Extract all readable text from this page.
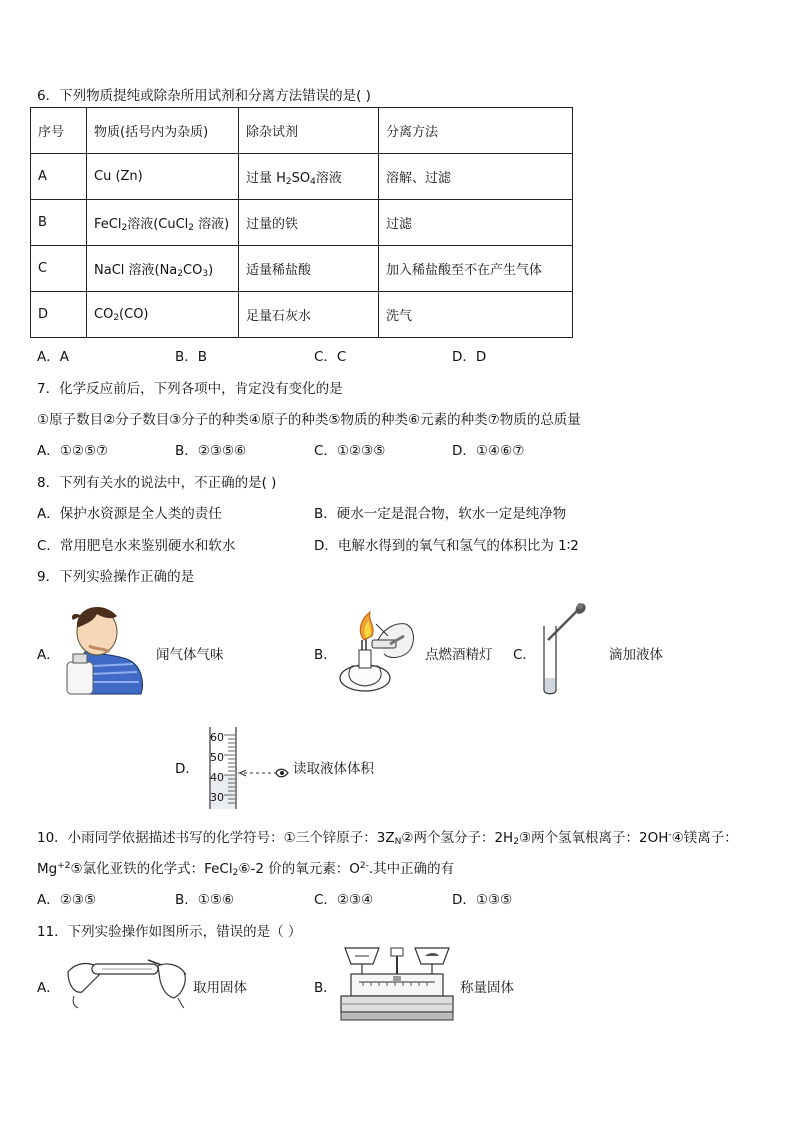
6．下列物质提纯或除杂所用试剂和分离方法错误的是( )
序号	物质(括号内为杂质)	除杂试剂	分离方法
A	Cu (Zn)	过量 $H_2SO_4$溶液	溶解、过滤
B	FeCl$_2$溶液(CuCl$_2$ 溶液)	过量的铁	过滤
C	NaCl 溶液$(Na_2CO_3)$	适量稀盐酸	加入稀盐酸至不在产生气体
D	$CO_2(CO)$	足量石灰水	洗气
A．A	B．B	C．C	D．D
7．化学反应前后，下列各项中，肯定没有变化的是
①原子数目②分子数目③分子的种类④原子的种类⑤物质的种类⑥元素的种类⑦物质的总质量
A．①②⑤⑦	B．②③⑤⑥	C．①②③⑤	D．①④⑥⑦
8．下列有关水的说法中，不正确的是( )
A．保护水资源是全人类的责任	B．硬水一定是混合物，软水一定是纯净物
C．常用肥皂水来鉴别硬水和软水	D．电解水得到的氧气和氢气的体积比为 1∶2
9．下列实验操作正确的是
A．	闻气体气味	B．	点燃酒精灯 C．	滴加液体
D．
60
50
40
30
读取液体体积
10．小雨同学依据描述书写的化学符号：①三个锌原子：$3Z_N②$两个氢分子：$2H_2③$两个氢氧根离子：2OH-④镁离子：
$Mg^{+2}⑤$氯化亚铁的化学式：FeCl$_2$⑥-2 价的氧元素：$O^{2-}$.其中正确的有
A．②③⑤	B．①⑤⑥	C．②③④	D．①③⑤
11．下列实验操作如图所示，错误的是（ ）
A．	取用固体	B．	称量固体
